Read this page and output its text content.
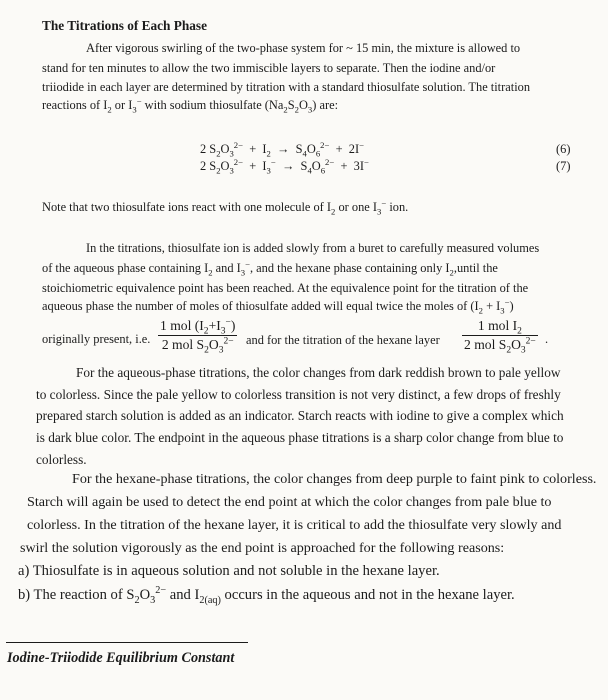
The Titrations of Each Phase
After vigorous swirling of the two-phase system for ~ 15 min, the mixture is allowed to
stand for ten minutes to allow the two immiscible layers to separate. Then the iodine and/or
triiodide in each layer are determined by titration with a standard thiosulfate solution. The titration
reactions of $I_2$ or $I_3^-$ with sodium thiosulfate $(Na_2S_2O_3)$ are:
2 $S_2O_3^{2-} + I_2 \to S_4O_6^{2-} + 2I^-$	(6)
2 $S_2O_3^{2-} + I_3^- \to S_4O_6^{2-} + 3I^-$	(7)
Note that two thiosulfate ions react with one molecule of $I_2$ or one $I_3^-$ ion.
In the titrations, thiosulfate ion is added slowly from a buret to carefully measured volumes
of the aqueous phase containing $I_2$ and $I_3^-$, and the hexane phase containing only $I_2,until$ the
stoichiometric equivalence point has been reached. At the equivalence point for the titration of the
aqueous phase the number of moles of thiosulfate added will equal twice the moles of $(I_2 + I_3^-)$
originally present, i.e.
1 mol $(I_2+I_3^-)$
2 mol $S_2O_3^{2-}$ and for the titration of the hexane layer
1 mol $I_2$
2 mol $S_2O_3^{2-}$ .
For the aqueous-phase titrations, the color changes from dark reddish brown to pale yellow
to colorless. Since the pale yellow to colorless transition is not very distinct, a few drops of freshly
prepared starch solution is added as an indicator. Starch reacts with iodine to give a complex which
is dark blue color. The endpoint in the aqueous phase titrations is a sharp color change from blue to
colorless.
For the hexane-phase titrations, the color changes from deep purple to faint pink to colorless.
Starch will again be used to detect the end point at which the color changes from pale blue to
colorless. In the titration of the hexane layer, it is critical to add the thiosulfate very slowly and
swirl the solution vigorously as the end point is approached for the following reasons:
a) Thiosulfate is in aqueous solution and not soluble in the hexane layer.
b) The reaction of $S_2O_3^{2-}$ and $I_{2(aq)}$ occurs in the aqueous and not in the hexane layer.
Iodine-Triiodide Equilibrium Constant
